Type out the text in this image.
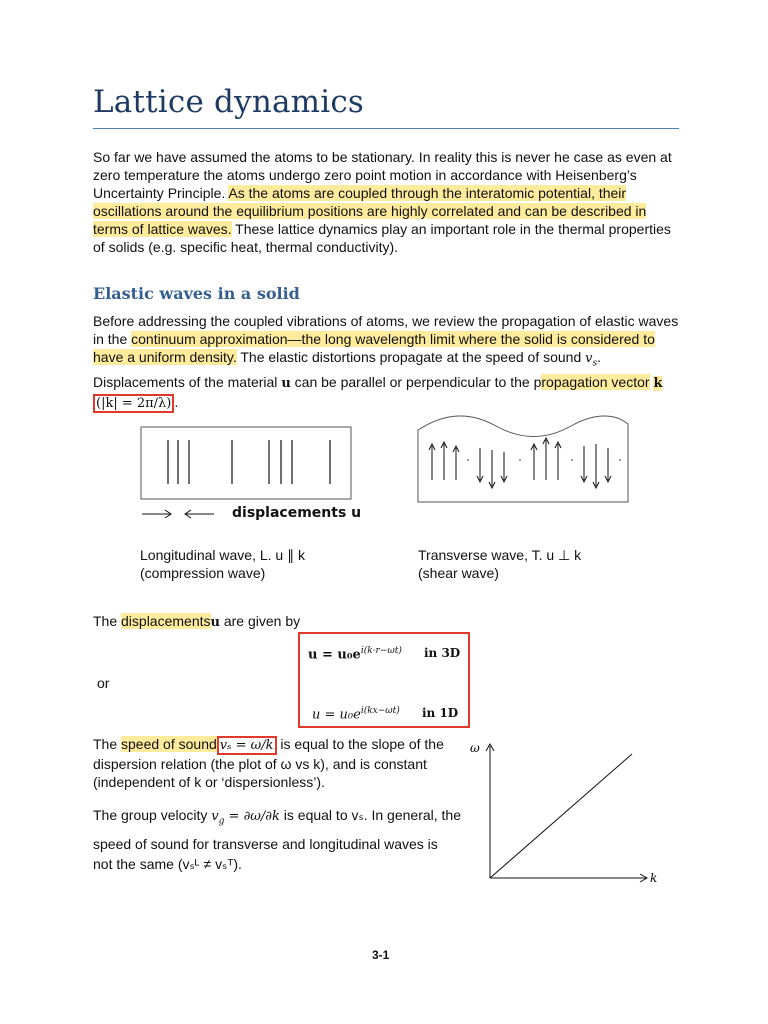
Lattice dynamics

So far we have assumed the atoms to be stationary. In reality this is never he case as even at zero temperature the atoms undergo zero point motion in accordance with Heisenberg’s Uncertainty Principle. As the atoms are coupled through the interatomic potential, their oscillations around the equilibrium positions are highly correlated and can be described in terms of lattice waves. These lattice dynamics play an important role in the thermal properties of solids (e.g. specific heat, thermal conductivity).

Elastic waves in a solid

Before addressing the coupled vibrations of atoms, we review the propagation of elastic waves in the continuum approximation—the long wavelength limit where the solid is considered to have a uniform density. The elastic distortions propagate at the speed of sound $v_s$. Displacements of the material u can be parallel or perpendicular to the propagation vector k (|k| = 2π/λ) .

displacements u
Longitudinal wave, L. u ∥ k
(compression wave)
Transverse wave, T. u ⊥ k
(shear wave)
The displacementsu are given by
or
$u = u_0e^{i(k\cdot r-\omega t)}$ in 3D
$u = u_0e^{i(kx-\omega t)}$ in 1D
The speed of sound vₛ = ω/k is equal to the slope of the
dispersion relation (the plot of ω vs k), and is constant
(independent of k or ‘dispersionless’).
The group velocity $v_g = \partial\omega/\partial k$ is equal to vₛ. In general, the
speed of sound for transverse and longitudinal waves is
not the same (vₛᴸ ≠ vₛᵀ).
ω
k
3-1
